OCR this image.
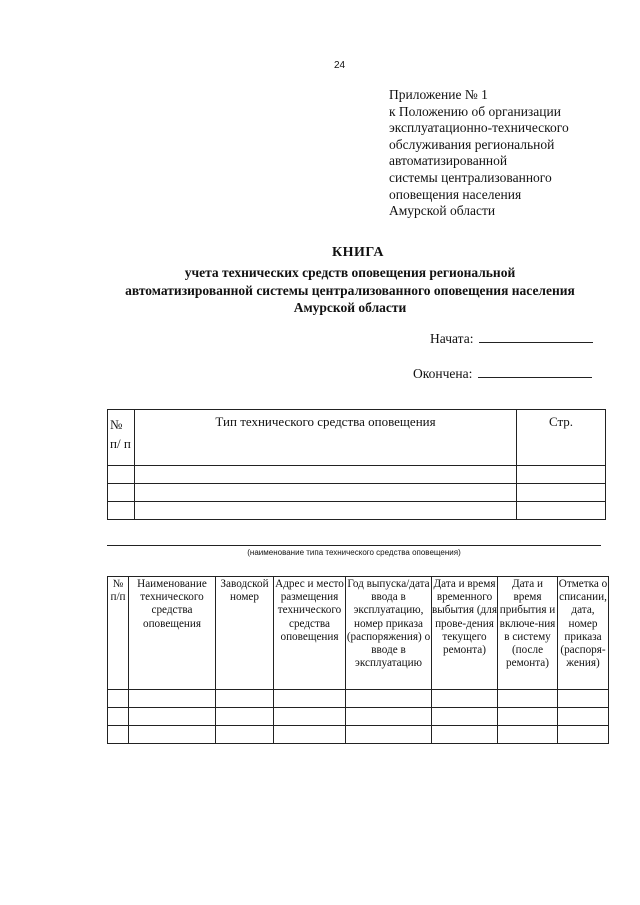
24
Приложение № 1
к Положению об организации
эксплуатационно-технического
обслуживания региональной
автоматизированной
системы централизованного
оповещения населения
Амурской области
КНИГА
учета технических средств оповещения региональной
автоматизированной системы централизованного оповещения населения
Амурской области
Начата:
Окончена:
№ п/ п	Тип технического средства оповещения	Стр.

(наименование типа технического средства оповещения)
№ п/п	Наименование технического средства оповещения	Заводской номер	Адрес и место размещения технического средства оповещения	Год выпуска/дата ввода в эксплуатацию, номер приказа (распоряжения) о вводе в эксплуатацию	Дата и время временного выбытия (для прове-дения текущего ремонта)	Дата и время прибытия и включе-ния в систему (после ремонта)	Отметка о списании, дата, номер приказа (распоря-жения)
